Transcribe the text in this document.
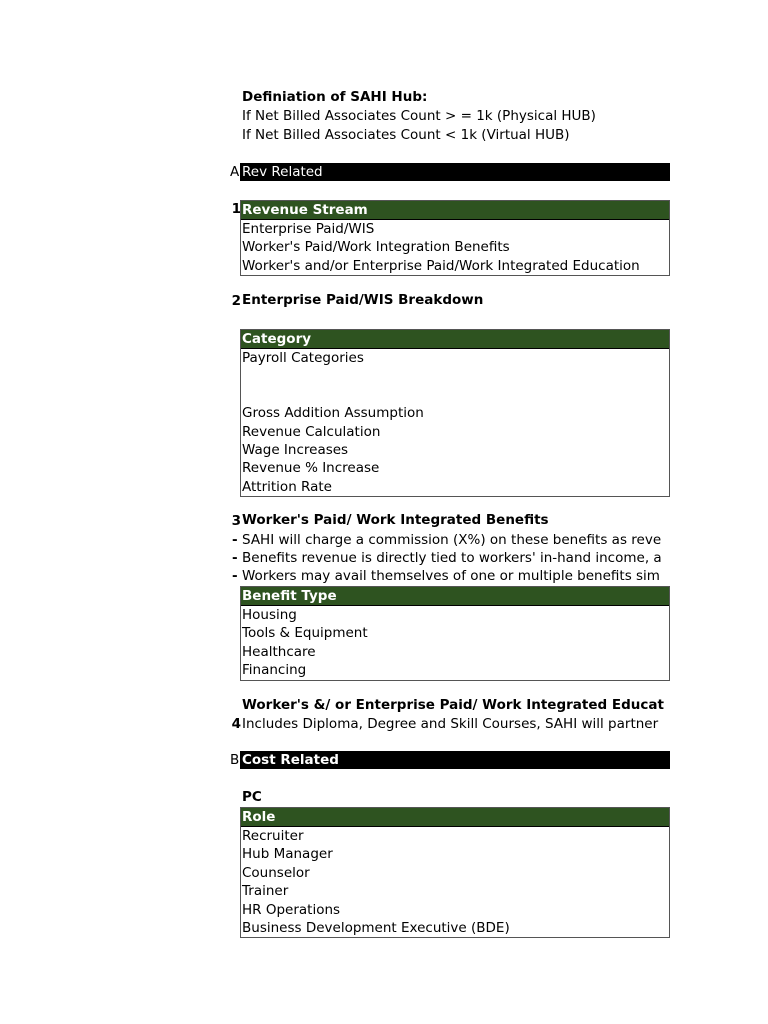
Definiation of SAHI Hub:
If Net Billed Associates Count > = 1k (Physical HUB)
If Net Billed Associates Count < 1k (Virtual HUB)
A Rev Related
1 Revenue Stream
Enterprise Paid/WIS
Worker's Paid/Work Integration Benefits
Worker's and/or Enterprise Paid/Work Integrated Education
2 Enterprise Paid/WIS Breakdown
Category
Payroll Categories
Gross Addition Assumption
Revenue Calculation
Wage Increases
Revenue % Increase
Attrition Rate
3 Worker's Paid/ Work Integrated Benefits
- SAHI will charge a commission (X%) on these benefits as reve
- Benefits revenue is directly tied to workers' in-hand income, a
- Workers may avail themselves of one or multiple benefits sim
Benefit Type
Housing
Tools & Equipment
Healthcare
Financing
Worker's &/ or Enterprise Paid/ Work Integrated Educat
4 Includes Diploma, Degree and Skill Courses, SAHI will partner
B Cost Related
PC
Role
Recruiter
Hub Manager
Counselor
Trainer
HR Operations
Business Development Executive (BDE)
